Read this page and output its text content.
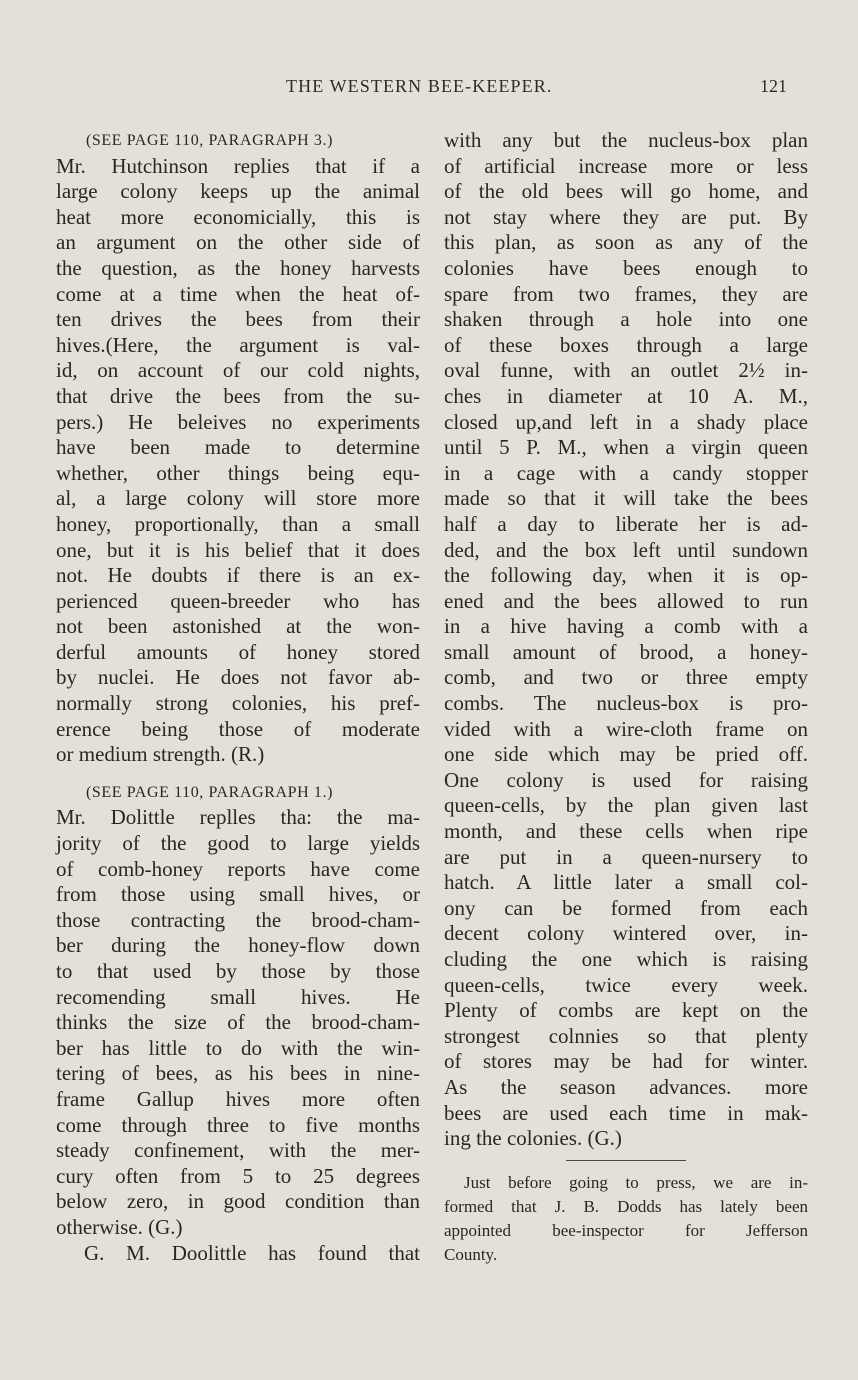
THE WESTERN BEE-KEEPER.	121
(SEE PAGE 110, PARAGRAPH 3.)
Mr. Hutchinson replies that if a
large colony keeps up the animal
heat more economicially, this is
an argument on the other side of
the question, as the honey harvests
come at a time when the heat of-
ten drives the bees from their
hives.(Here, the argument is val-
id, on account of our cold nights,
that drive the bees from the su-
pers.) He beleives no experiments
have been made to determine
whether, other things being equ-
al, a large colony will store more
honey, proportionally, than a small
one, but it is his belief that it does
not. He doubts if there is an ex-
perienced queen-breeder who has
not been astonished at the won-
derful amounts of honey stored
by nuclei. He does not favor ab-
normally strong colonies, his pref-
erence being those of moderate
or medium strength. (R.)
(SEE PAGE 110, PARAGRAPH 1.)
Mr. Dolittle replles tha: the ma-
jority of the good to large yields
of comb-honey reports have come
from those using small hives, or
those contracting the brood-cham-
ber during the honey-flow down
to that used by those by those
recomending small hives. He
thinks the size of the brood-cham-
ber has little to do with the win-
tering of bees, as his bees in nine-
frame Gallup hives more often
come through three to five months
steady confinement, with the mer-
cury often from 5 to 25 degrees
below zero, in good condition than
otherwise. (G.)
G. M. Doolittle has found that
with any but the nucleus-box plan
of artificial increase more or less
of the old bees will go home, and
not stay where they are put. By
this plan, as soon as any of the
colonies have bees enough to
spare from two frames, they are
shaken through a hole into one
of these boxes through a large
oval funne, with an outlet 2½ in-
ches in diameter at 10 A. M.,
closed up,and left in a shady place
until 5 P. M., when a virgin queen
in a cage with a candy stopper
made so that it will take the bees
half a day to liberate her is ad-
ded, and the box left until sundown
the following day, when it is op-
ened and the bees allowed to run
in a hive having a comb with a
small amount of brood, a honey-
comb, and two or three empty
combs. The nucleus-box is pro-
vided with a wire-cloth frame on
one side which may be pried off.
One colony is used for raising
queen-cells, by the plan given last
month, and these cells when ripe
are put in a queen-nursery to
hatch. A little later a small col-
ony can be formed from each
decent colony wintered over, in-
cluding the one which is raising
queen-cells, twice every week.
Plenty of combs are kept on the
strongest colnnies so that plenty
of stores may be had for winter.
As the season advances. more
bees are used each time in mak-
ing the colonies. (G.)
Just before going to press, we are in-
formed that J. B. Dodds has lately been
appointed bee-inspector for Jefferson
County.
